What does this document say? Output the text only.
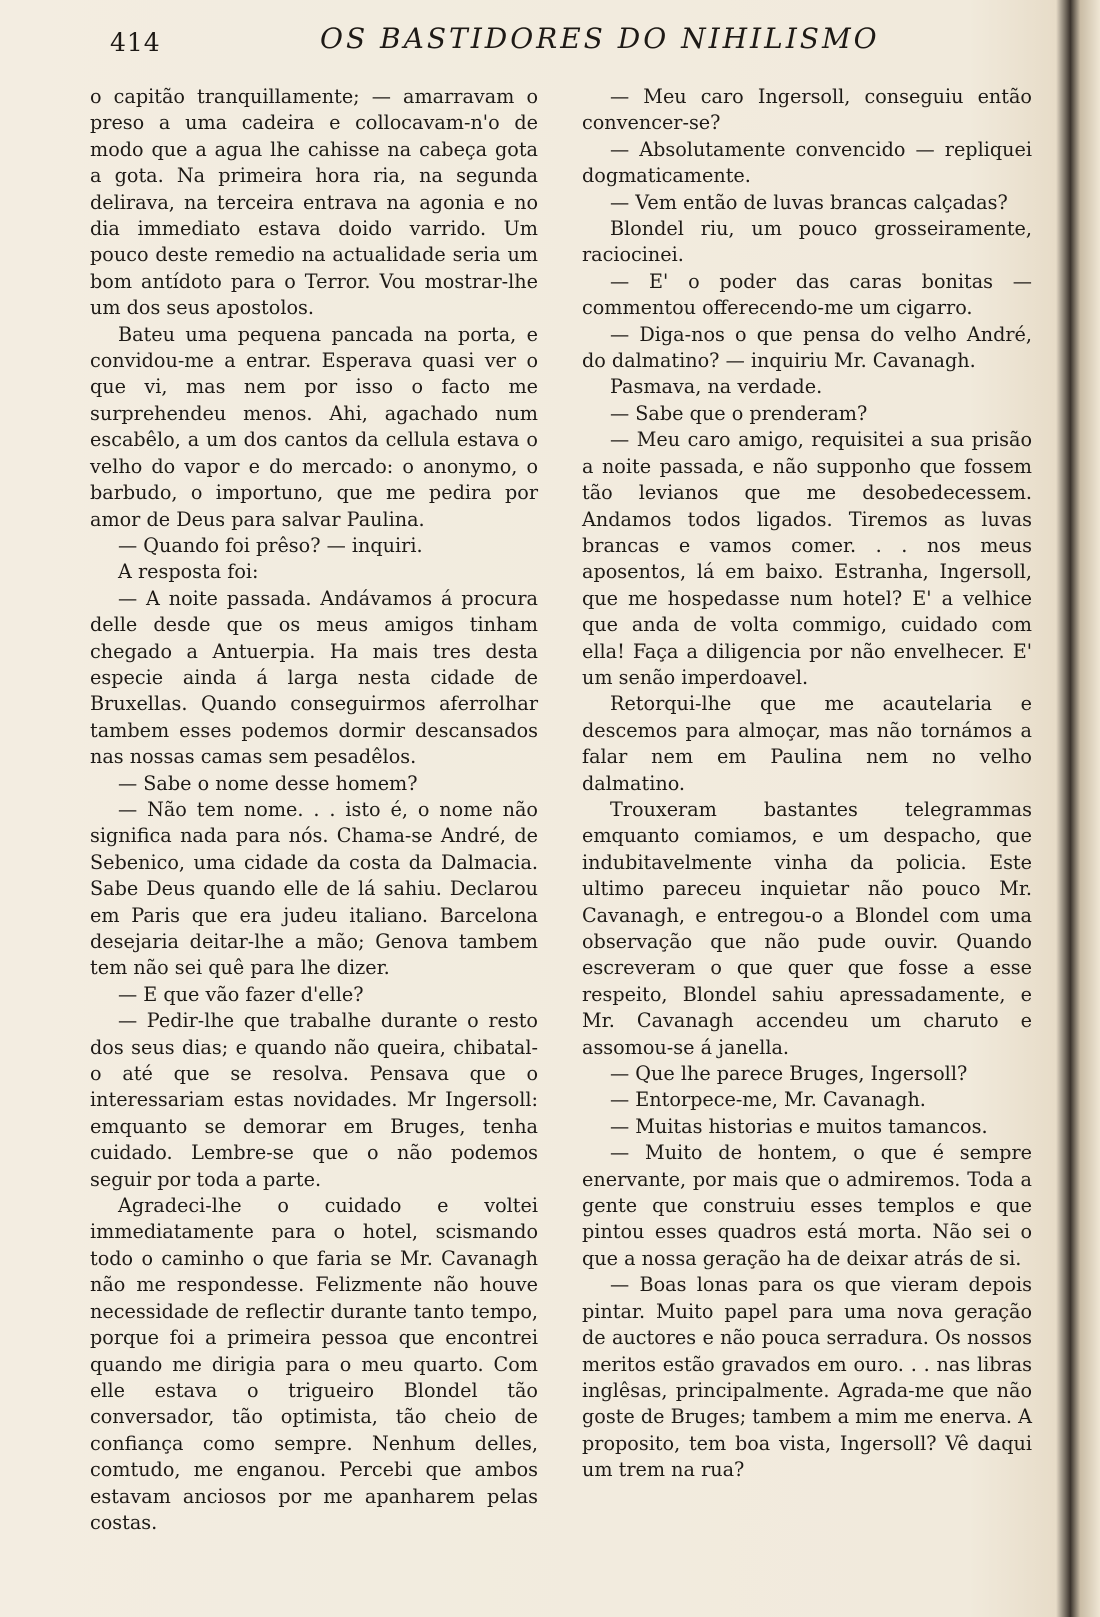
414	OS BASTIDORES DO NIHILISMO

o capitão tranquillamente; — amarravam o preso a uma cadeira e collocavam-n'o de modo que a agua lhe cahisse na cabeça gota a gota. Na primeira hora ria, na segunda delirava, na terceira entrava na agonia e no dia immediato estava doido varrido. Um pouco deste remedio na actualidade seria um bom antídoto para o Terror. Vou mostrar-lhe um dos seus apostolos.

Bateu uma pequena pancada na porta, e convidou-me a entrar. Esperava quasi ver o que vi, mas nem por isso o facto me surprehendeu menos. Ahi, agachado num escabêlo, a um dos cantos da cellula estava o velho do vapor e do mercado: o anonymo, o barbudo, o importuno, que me pedira por amor de Deus para salvar Paulina.

— Quando foi prêso? — inquiri.

A resposta foi:

— A noite passada. Andávamos á procura delle desde que os meus amigos tinham chegado a Antuerpia. Ha mais tres desta especie ainda á larga nesta cidade de Bruxellas. Quando conseguirmos aferrolhar tambem esses podemos dormir descansados nas nossas camas sem pesadêlos.

— Sabe o nome desse homem?

— Não tem nome. . . isto é, o nome não significa nada para nós. Chama-se André, de Sebenico, uma cidade da costa da Dalmacia. Sabe Deus quando elle de lá sahiu. Declarou em Paris que era judeu italiano. Barcelona desejaria deitar-lhe a mão; Genova tambem tem não sei quê para lhe dizer.

— E que vão fazer d'elle?

— Pedir-lhe que trabalhe durante o resto dos seus dias; e quando não queira, chibatal-o até que se resolva. Pensava que o interessariam estas novidades. Mr Ingersoll: emquanto se demorar em Bruges, tenha cuidado. Lembre-se que o não podemos seguir por toda a parte.

Agradeci-lhe o cuidado e voltei immediatamente para o hotel, scismando todo o caminho o que faria se Mr. Cavanagh não me respondesse. Felizmente não houve necessidade de reflectir durante tanto tempo, porque foi a primeira pessoa que encontrei quando me dirigia para o meu quarto. Com elle estava o trigueiro Blondel tão conversador, tão optimista, tão cheio de confiança como sempre. Nenhum delles, comtudo, me enganou. Percebi que ambos estavam anciosos por me apanharem pelas costas.

— Meu caro Ingersoll, conseguiu então convencer-se?

— Absolutamente convencido — repliquei dogmaticamente.

— Vem então de luvas brancas calçadas?

Blondel riu, um pouco grosseiramente, raciocinei.

— E' o poder das caras bonitas — commentou offerecendo-me um cigarro.

— Diga-nos o que pensa do velho André, do dalmatino? — inquiriu Mr. Cavanagh.

Pasmava, na verdade.

— Sabe que o prenderam?

— Meu caro amigo, requisitei a sua prisão a noite passada, e não supponho que fossem tão levianos que me desobedecessem. Andamos todos ligados. Tiremos as luvas brancas e vamos comer. . . nos meus aposentos, lá em baixo. Estranha, Ingersoll, que me hospedasse num hotel? E' a velhice que anda de volta commigo, cuidado com ella! Faça a diligencia por não envelhecer. E' um senão imperdoavel.

Retorqui-lhe que me acautelaria e descemos para almoçar, mas não tornámos a falar nem em Paulina nem no velho dalmatino.

Trouxeram bastantes telegrammas emquanto comiamos, e um despacho, que indubitavelmente vinha da policia. Este ultimo pareceu inquietar não pouco Mr. Cavanagh, e entregou-o a Blondel com uma observação que não pude ouvir. Quando escreveram o que quer que fosse a esse respeito, Blondel sahiu apressadamente, e Mr. Cavanagh accendeu um charuto e assomou-se á janella.

— Que lhe parece Bruges, Ingersoll?

— Entorpece-me, Mr. Cavanagh.

— Muitas historias e muitos tamancos.

— Muito de hontem, o que é sempre enervante, por mais que o admiremos. Toda a gente que construiu esses templos e que pintou esses quadros está morta. Não sei o que a nossa geração ha de deixar atrás de si.

— Boas lonas para os que vieram depois pintar. Muito papel para uma nova geração de auctores e não pouca serradura. Os nossos meritos estão gravados em ouro. . . nas libras inglêsas, principalmente. Agrada-me que não goste de Bruges; tambem a mim me enerva. A proposito, tem boa vista, Ingersoll? Vê daqui um trem na rua?
